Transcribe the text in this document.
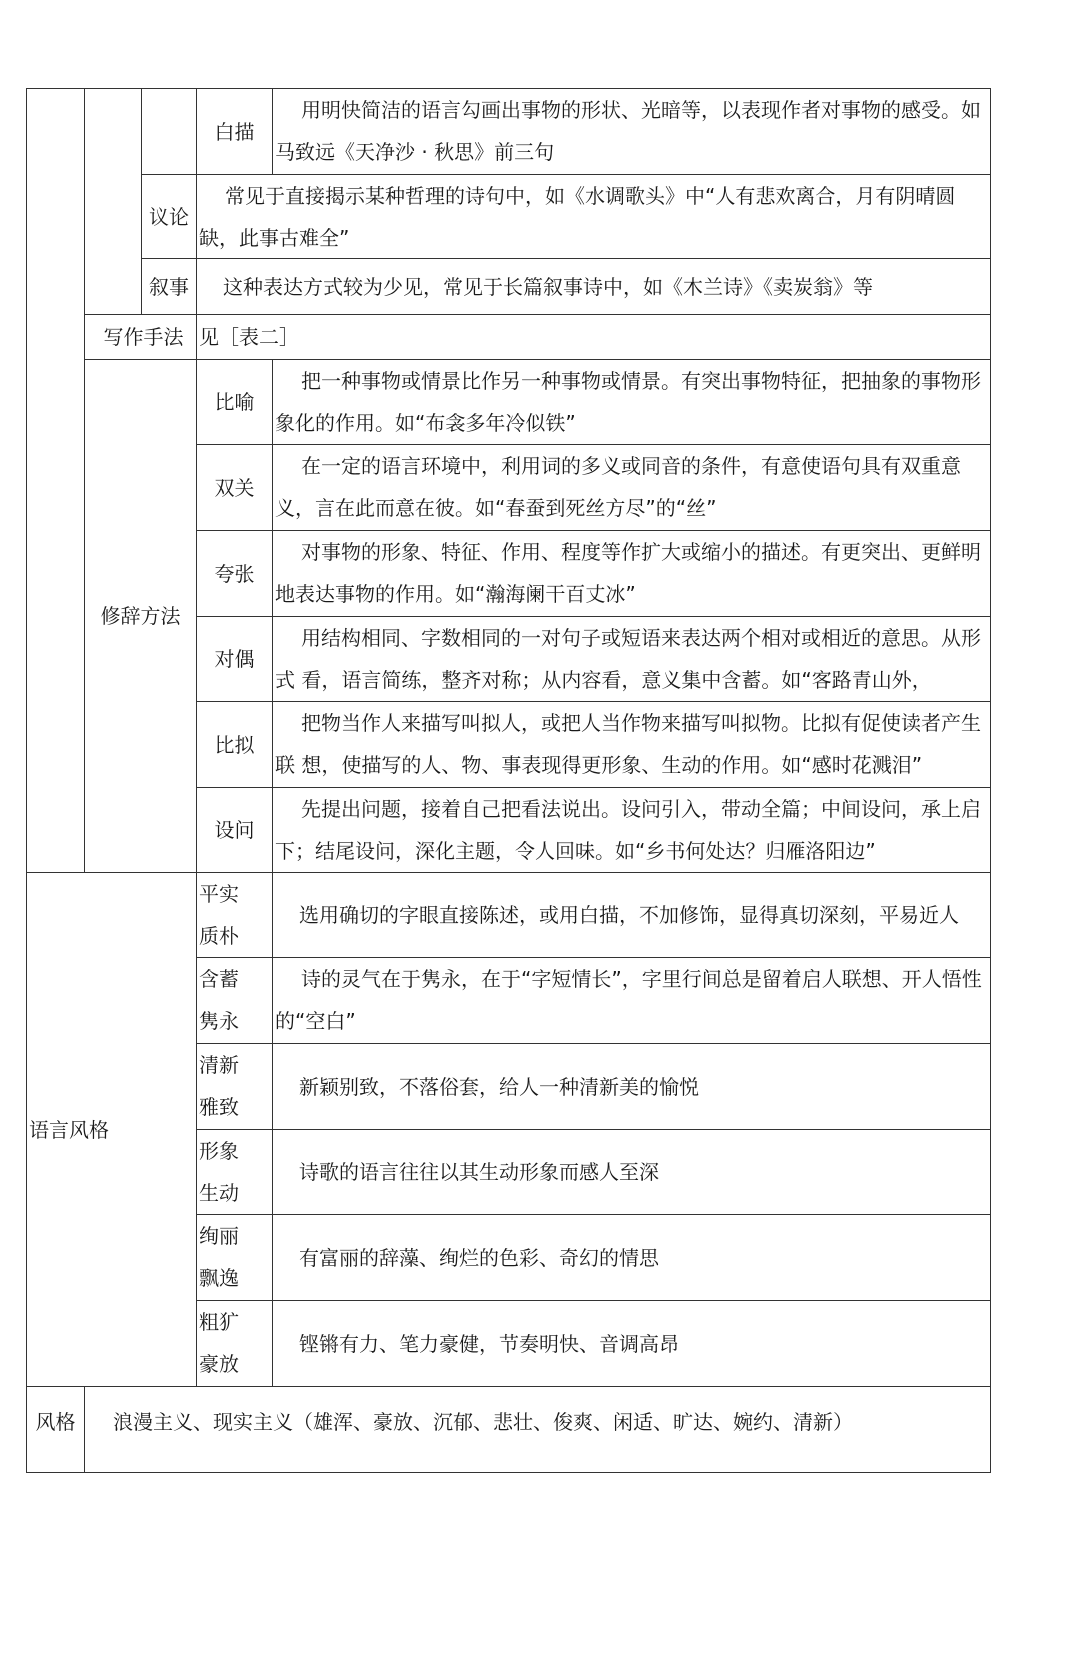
白描
用明快简洁的语言勾画出事物的形状、光暗等，以表现作者对事物的感受。如马致远《天净沙 · 秋思》前三句
议论
常见于直接揭示某种哲理的诗句中，如《水调歌头》中“人有悲欢离合，月有阴晴圆缺，此事古难全”
叙事	这种表达方式较为少见，常见于长篇叙事诗中，如《木兰诗》《卖炭翁》等
写作手法 见［表二］
修辞方法
比喻
把一种事物或情景比作另一种事物或情景。有突出事物特征，把抽象的事物形象化的作用。如“布衾多年冷似铁”
双关
在一定的语言环境中，利用词的多义或同音的条件，有意使语句具有双重意义，言在此而意在彼。如“春蚕到死丝方尽”的“丝”
夸张
对事物的形象、特征、作用、程度等作扩大或缩小的描述。有更突出、更鲜明地表达事物的作用。如“瀚海阑干百丈冰”
对偶
用结构相同、字数相同的一对句子或短语来表达两个相对或相近的意思。从形式 看，语言简练，整齐对称；从内容看，意义集中含蓄。如“客路青山外，
比拟
把物当作人来描写叫拟人，或把人当作物来描写叫拟物。比拟有促使读者产生联 想，使描写的人、物、事表现得更形象、生动的作用。如“感时花溅泪”
设问
先提出问题，接着自己把看法说出。设问引入，带动全篇；中间设问，承上启下；结尾设问，深化主题，令人回味。如“乡书何处达？归雁洛阳边”
语言风格
平实
质朴
选用确切的字眼直接陈述，或用白描，不加修饰，显得真切深刻，平易近人
含蓄
隽永
诗的灵气在于隽永，在于“字短情长”，字里行间总是留着启人联想、开人悟性的“空白”
清新
雅致
新颖别致，不落俗套，给人一种清新美的愉悦
形象
生动
诗歌的语言往往以其生动形象而感人至深
绚丽
飘逸
有富丽的辞藻、绚烂的色彩、奇幻的情思
粗犷
豪放
铿锵有力、笔力豪健，节奏明快、音调高昂
风格	浪漫主义、现实主义（雄浑、豪放、沉郁、悲壮、俊爽、闲适、旷达、婉约、清新）
